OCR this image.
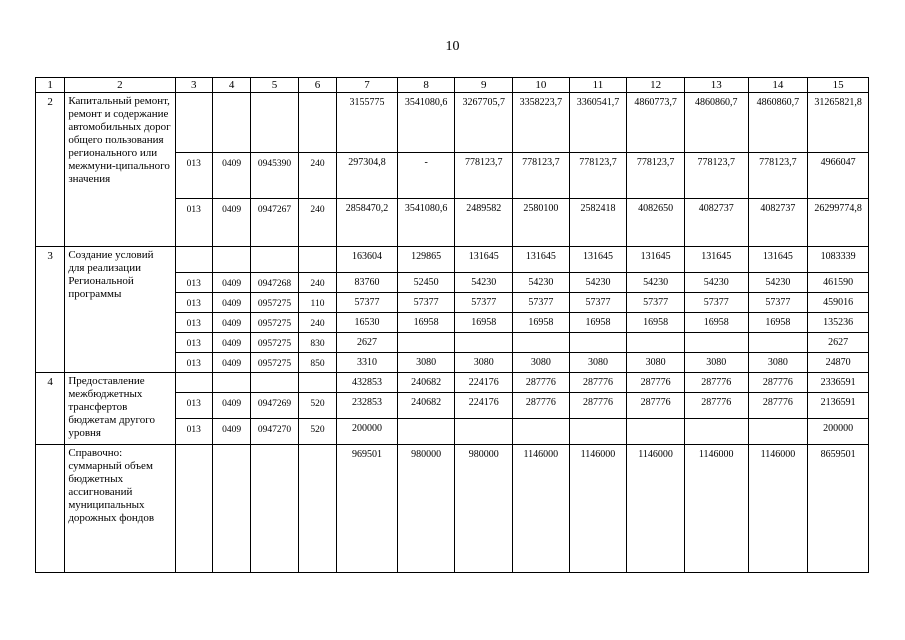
10
1	2	3	4	5	6	7	8	9	10	11	12	13	14	15
2	Капитальный ремонт, ремонт и содержание автомобильных дорог общего пользования регионального или межмуни-ципального значения					3155775	3541080,6	3267705,7	3358223,7	3360541,7	4860773,7	4860860,7	4860860,7	31265821,8
		013	0409	0945390	240	297304,8	-	778123,7	778123,7	778123,7	778123,7	778123,7	778123,7	4966047
		013	0409	0947267	240	2858470,2	3541080,6	2489582	2580100	2582418	4082650	4082737	4082737	26299774,8
3	Создание условий для реализации Региональной программы					163604	129865	131645	131645	131645	131645	131645	131645	1083339
		013	0409	0947268	240	83760	52450	54230	54230	54230	54230	54230	54230	461590
		013	0409	0957275	110	57377	57377	57377	57377	57377	57377	57377	57377	459016
		013	0409	0957275	240	16530	16958	16958	16958	16958	16958	16958	16958	135236
		013	0409	0957275	830	2627								2627
		013	0409	0957275	850	3310	3080	3080	3080	3080	3080	3080	3080	24870
4	Предоставление межбюджетных трансфертов бюджетам другого уровня					432853	240682	224176	287776	287776	287776	287776	287776	2336591
		013	0409	0947269	520	232853	240682	224176	287776	287776	287776	287776	287776	2136591
		013	0409	0947270	520	200000								200000
	Справочно: суммарный объем бюджетных ассигнований муниципальных дорожных фондов					969501	980000	980000	1146000	1146000	1146000	1146000	1146000	8659501
